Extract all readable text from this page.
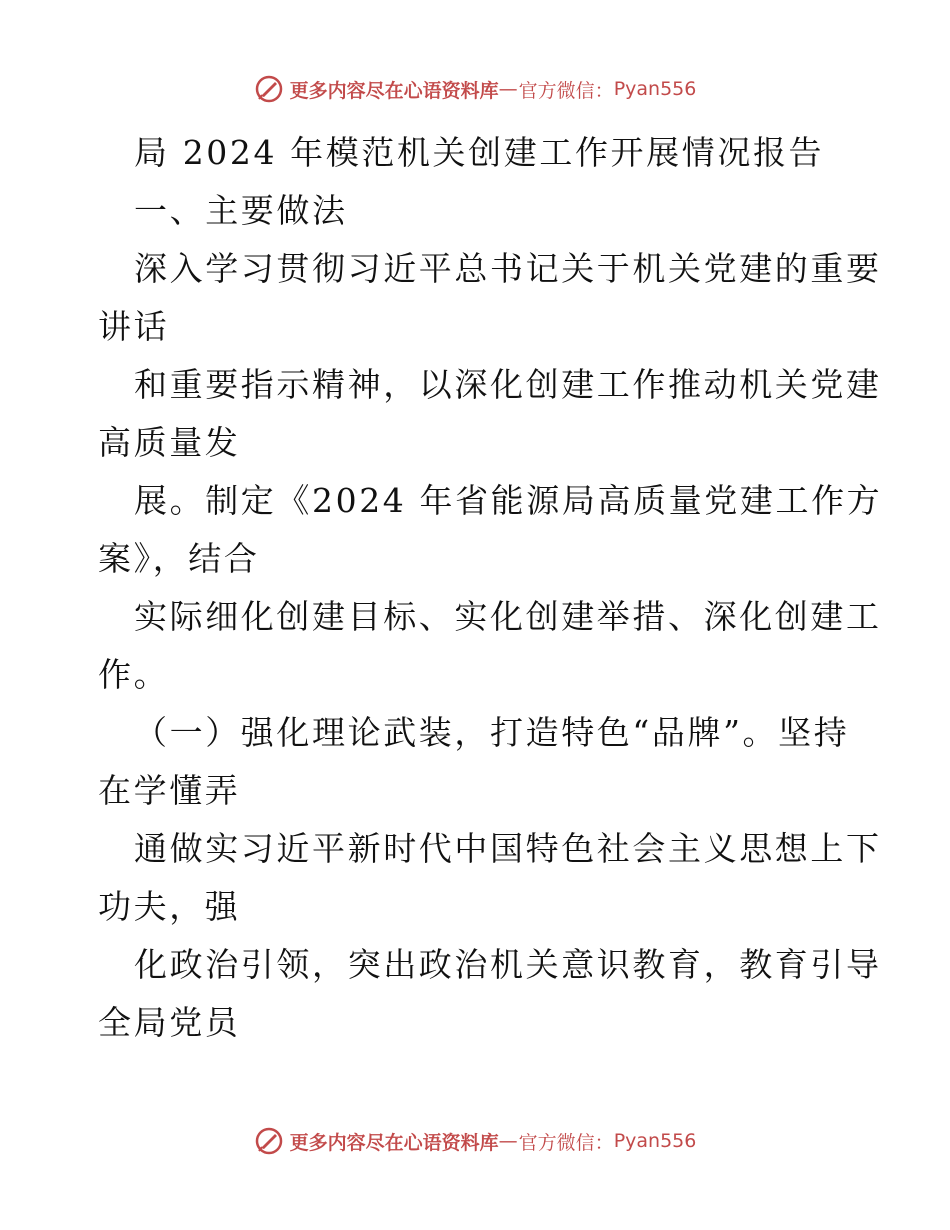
更多内容尽在心语资料库 — 官方微信： Pyan556
局 2024 年模范机关创建工作开展情况报告
一、主要做法
深入学习贯彻习近平总书记关于机关党建的重要
讲话
和重要指示精神，以深化创建工作推动机关党建
高质量发
展。制定《2024 年省能源局高质量党建工作方
案》，结合
实际细化创建目标、实化创建举措、深化创建工
作。
（一）强化理论武装，打造特色“品牌”。坚持
在学懂弄
通做实习近平新时代中国特色社会主义思想上下
功夫，强
化政治引领，突出政治机关意识教育，教育引导
全局党员
更多内容尽在心语资料库 — 官方微信： Pyan556
